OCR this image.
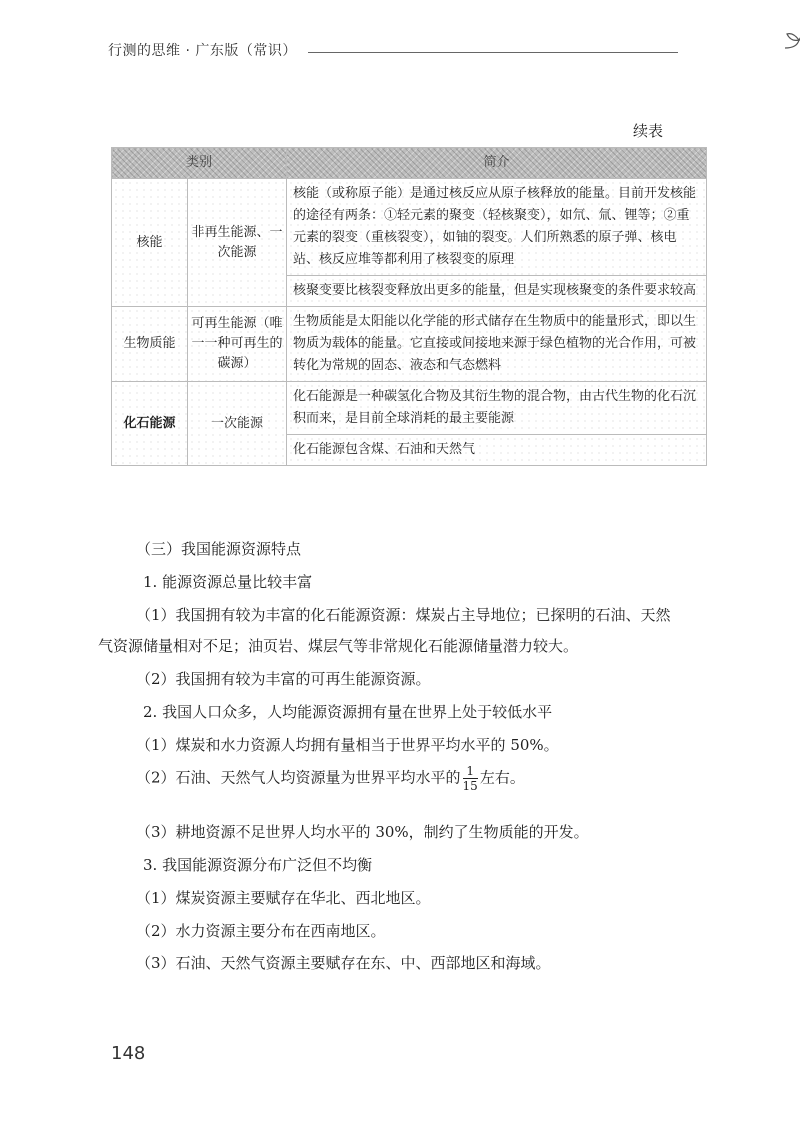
行测的思维 · 广东版（常识）
续表
类别		简介
核能	非再生能源、一次能源	核能（或称原子能）是通过核反应从原子核释放的能量。目前开发核能的途径有两条：①轻元素的聚变（轻核聚变），如氘、氚、锂等；②重元素的裂变（重核裂变），如铀的裂变。人们所熟悉的原子弹、核电站、核反应堆等都利用了核裂变的原理
		核聚变要比核裂变释放出更多的能量，但是实现核聚变的条件要求较高
生物质能	可再生能源（唯一一种可再生的碳源）	生物质能是太阳能以化学能的形式储存在生物质中的能量形式，即以生物质为载体的能量。它直接或间接地来源于绿色植物的光合作用，可被转化为常规的固态、液态和气态燃料
化石能源	一次能源	化石能源是一种碳氢化合物及其衍生物的混合物，由古代生物的化石沉积而来，是目前全球消耗的最主要能源
		化石能源包含煤、石油和天然气
（三）我国能源资源特点
1. 能源资源总量比较丰富
（1）我国拥有较为丰富的化石能源资源：煤炭占主导地位；已探明的石油、天然
气资源储量相对不足；油页岩、煤层气等非常规化石能源储量潜力较大。
（2）我国拥有较为丰富的可再生能源资源。
2. 我国人口众多，人均能源资源拥有量在世界上处于较低水平
（1）煤炭和水力资源人均拥有量相当于世界平均水平的 50%。
（2）石油、天然气人均资源量为世界平均水平的 $\frac{1}{15}$ 左右。
（3）耕地资源不足世界人均水平的 30%，制约了生物质能的开发。
3. 我国能源资源分布广泛但不均衡
（1）煤炭资源主要赋存在华北、西北地区。
（2）水力资源主要分布在西南地区。
（3）石油、天然气资源主要赋存在东、中、西部地区和海域。
148
